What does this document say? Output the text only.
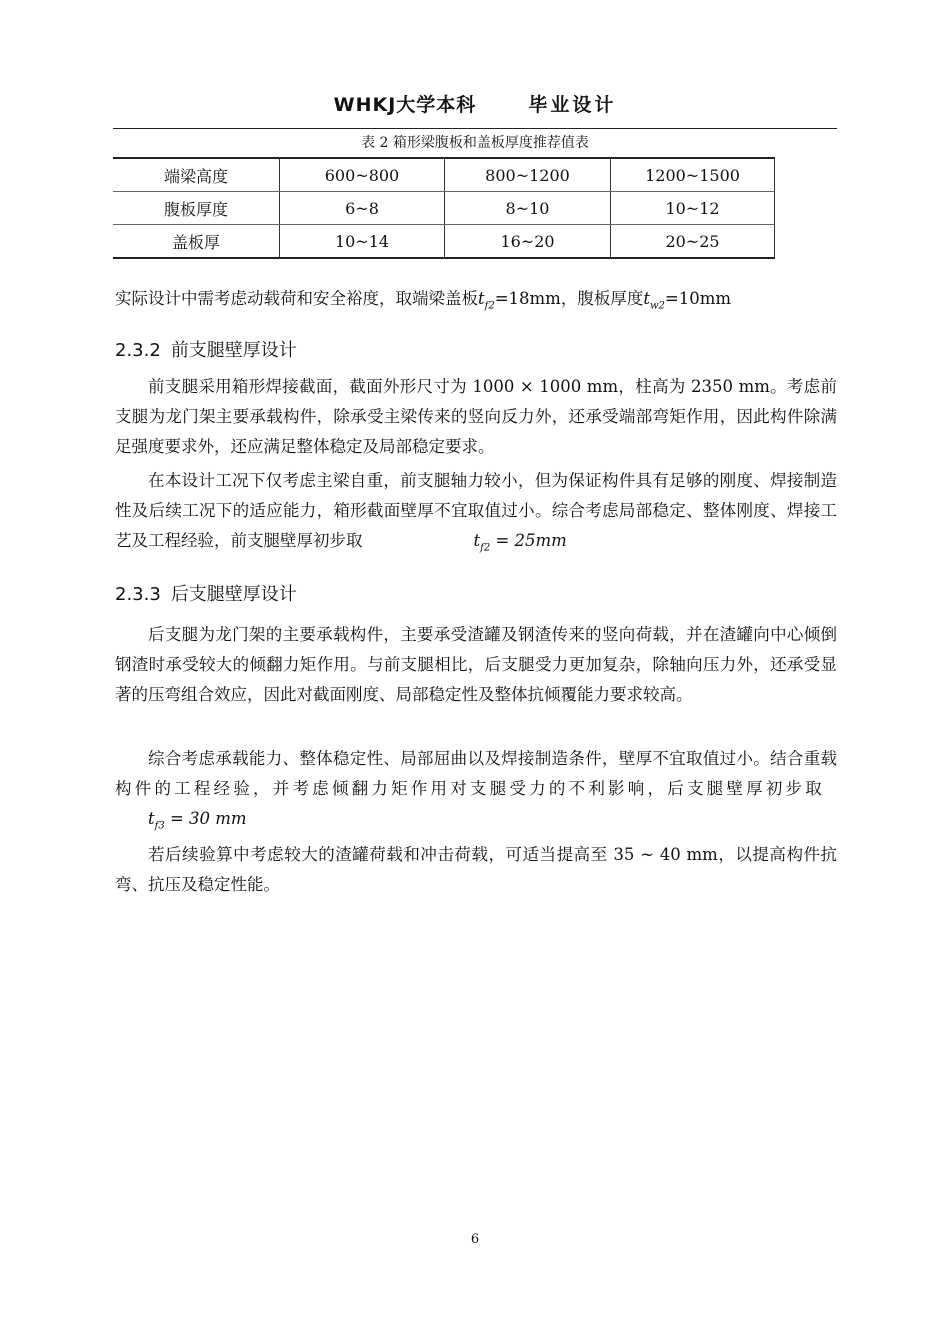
WHKJ大学本科	毕业设计
表 2 箱形梁腹板和盖板厚度推荐值表
端梁高度	600~800	800~1200	1200~1500
腹板厚度	6~8	8~10	10~12
盖板厚	10~14	16~20	20~25
实际设计中需考虑动载荷和安全裕度，取端梁盖板$t_{f2}=18mm$，腹板厚度$t_{w2}=10mm$
2.3.2 前支腿壁厚设计

前支腿采用箱形焊接截面，截面外形尺寸为 1000 × 1000 mm，柱高为 2350 mm。考虑前支腿为龙门架主要承载构件，除承受主梁传来的竖向反力外，还承受端部弯矩作用，因此构件除满足强度要求外，还应满足整体稳定及局部稳定要求。

在本设计工况下仅考虑主梁自重，前支腿轴力较小，但为保证构件具有足够的刚度、焊接制造性及后续工况下的适应能力，箱形截面壁厚不宜取值过小。综合考虑局部稳定、整体刚度、焊接工艺及工程经验，前支腿壁厚初步取	$t_{f2} = 25mm$

2.3.3 后支腿壁厚设计

后支腿为龙门架的主要承载构件，主要承受渣罐及钢渣传来的竖向荷载，并在渣罐向中心倾倒钢渣时承受较大的倾翻力矩作用。与前支腿相比，后支腿受力更加复杂，除轴向压力外，还承受显著的压弯组合效应，因此对截面刚度、局部稳定性及整体抗倾覆能力要求较高。

综合考虑承载能力、整体稳定性、局部屈曲以及焊接制造条件，壁厚不宜取值过小。结合重载构件的工程经验，并考虑倾翻力矩作用对支腿受力的不利影响，后支腿壁厚初步取$t_{f3} = 30$ mm

若后续验算中考虑较大的渣罐荷载和冲击荷载，可适当提高至 35 ~ 40 mm，以提高构件抗弯、抗压及稳定性能。

6
